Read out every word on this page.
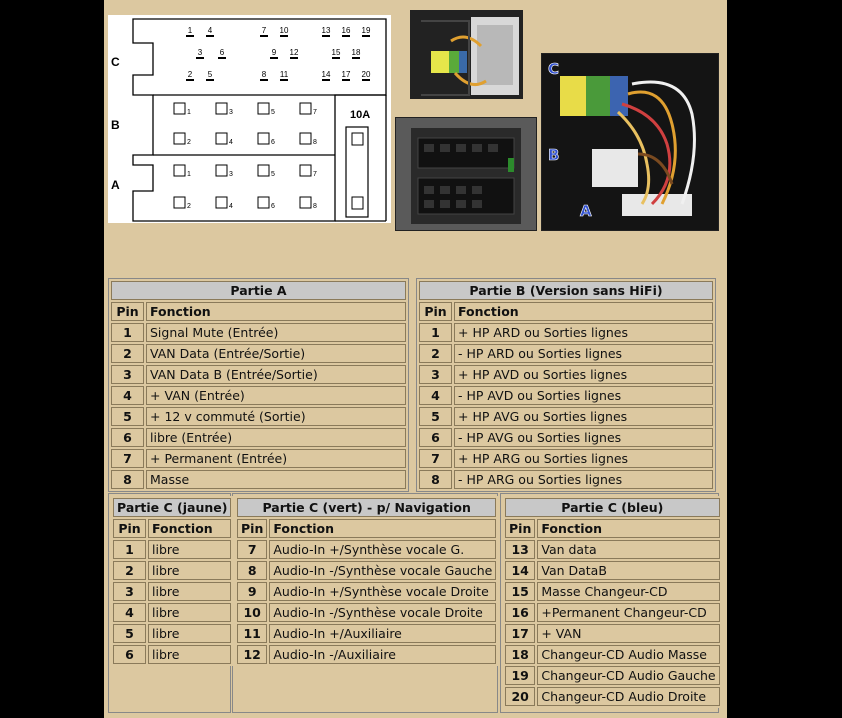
10A
C
B
A
1 4	7 10	13 16 19
3 6	9 12	15 18
2 5	8 11	14 17 20
1	3	5	7
2	4	6	8
1	3	5	7
2	4	6	8
C
B
A
Partie A	
Pin	Fonction
1	Signal Mute (Entrée)
2	VAN Data (Entrée/Sortie)
3	VAN Data B (Entrée/Sortie)
4	+ VAN (Entrée)
5	+ 12 v commuté (Sortie)
6	libre (Entrée)
7	+ Permanent (Entrée)
8	Masse
Partie B (Version sans HiFi)	
Pin	Fonction
1	+ HP ARD ou Sorties lignes
2	- HP ARD ou Sorties lignes
3	+ HP AVD ou Sorties lignes
4	- HP AVD ou Sorties lignes
5	+ HP AVG ou Sorties lignes
6	- HP AVG ou Sorties lignes
7	+ HP ARG ou Sorties lignes
8	- HP ARG ou Sorties lignes
Partie C (jaune)	
Pin	Fonction
1	libre
2	libre
3	libre
4	libre
5	libre
6	libre
Partie C (vert) - p/ Navigation	
Pin	Fonction
7	Audio-In +/Synthèse vocale G.
8	Audio-In -/Synthèse vocale Gauche
9	Audio-In +/Synthèse vocale Droite
10	Audio-In -/Synthèse vocale Droite
11	Audio-In +/Auxiliaire
12	Audio-In -/Auxiliaire
Partie C (bleu)	
Pin	Fonction
13	Van data
14	Van DataB
15	Masse Changeur-CD
16	+Permanent Changeur-CD
17	+ VAN
18	Changeur-CD Audio Masse
19	Changeur-CD Audio Gauche
20	Changeur-CD Audio Droite
